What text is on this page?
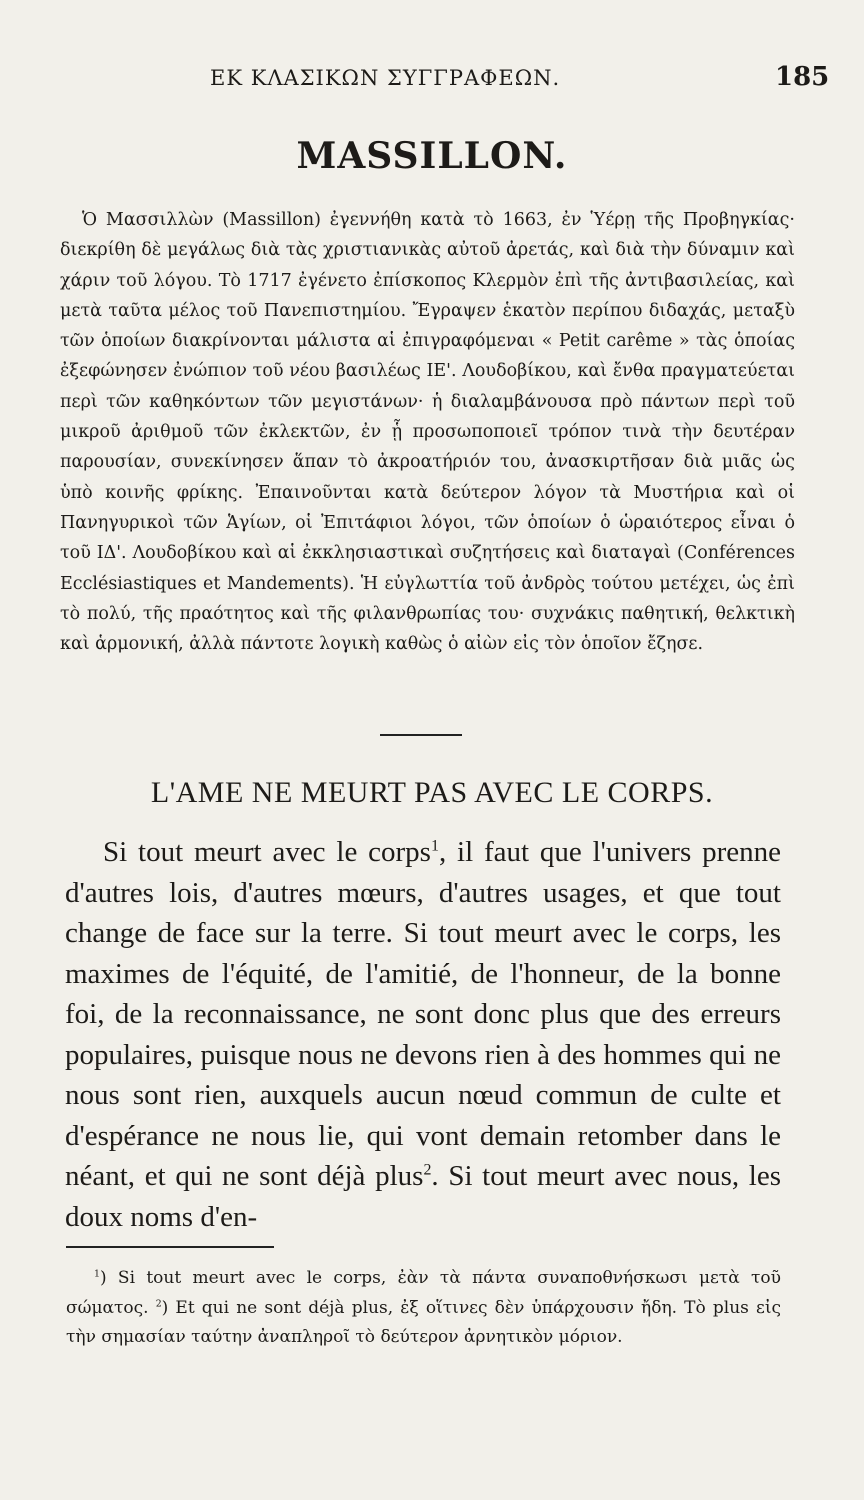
ΕΚ ΚΛΑΣΙΚΩΝ ΣΥΓΓΡΑΦΕΩΝ.	185
MASSILLON.

Ὁ Μασσιλλὼν (Massillon) ἐγεννήθη κατὰ τὸ 1663, ἐν Ὑέρῃ τῆς Προβηγκίας· διεκρίθη δὲ μεγάλως διὰ τὰς χριστιανικὰς αὐτοῦ ἀρετάς, καὶ διὰ τὴν δύναμιν καὶ χάριν τοῦ λόγου. Τὸ 1717 ἐγένετο ἐπίσκοπος Κλερμὸν ἐπὶ τῆς ἀντιβασιλείας, καὶ μετὰ ταῦτα μέλος τοῦ Πανεπιστημίου. Ἔγραψεν ἑκατὸν περίπου διδαχάς, μεταξὺ τῶν ὁποίων διακρίνονται μάλιστα αἱ ἐπιγραφόμεναι « Petit carême » τὰς ὁποίας ἐξεφώνησεν ἐνώπιον τοῦ νέου βασιλέως ΙΕ'. Λουδοβίκου, καὶ ἔνθα πραγματεύεται περὶ τῶν καθηκόντων τῶν μεγιστάνων· ἡ διαλαμβάνουσα πρὸ πάντων περὶ τοῦ μικροῦ ἀριθμοῦ τῶν ἐκλεκτῶν, ἐν ᾗ προσωποποιεῖ τρόπον τινὰ τὴν δευτέραν παρουσίαν, συνεκίνησεν ἅπαν τὸ ἀκροατήριόν του, ἀνασκιρτῆσαν διὰ μιᾶς ὡς ὑπὸ κοινῆς φρίκης. Ἐπαινοῦνται κατὰ δεύτερον λόγον τὰ Μυστήρια καὶ οἱ Πανηγυρικοὶ τῶν Ἁγίων, οἱ Ἐπιτάφιοι λόγοι, τῶν ὁποίων ὁ ὡραιότερος εἶναι ὁ τοῦ ΙΔ'. Λουδοβίκου καὶ αἱ ἐκκλησιαστικαὶ συζητήσεις καὶ διαταγαὶ (Conférences Ecclésiastiques et Mandements). Ἡ εὐγλωττία τοῦ ἀνδρὸς τούτου μετέχει, ὡς ἐπὶ τὸ πολύ, τῆς πραότητος καὶ τῆς φιλανθρωπίας του· συχνάκις παθητική, θελκτικὴ καὶ ἁρμονική, ἀλλὰ πάντοτε λογικὴ καθὼς ὁ αἰὼν εἰς τὸν ὁποῖον ἔζησε.

L'AME NE MEURT PAS AVEC LE CORPS.

Si tout meurt avec le corps$^1$, il faut que l'univers prenne d'autres lois, d'autres mœurs, d'autres usages, et que tout change de face sur la terre. Si tout meurt avec le corps, les maximes de l'équité, de l'amitié, de l'honneur, de la bonne foi, de la reconnaissance, ne sont donc plus que des erreurs populaires, puisque nous ne devons rien à des hommes qui ne nous sont rien, auxquels aucun nœud commun de culte et d'espérance ne nous lie, qui vont demain retomber dans le néant, et qui ne sont déjà plus$^2$. Si tout meurt avec nous, les doux noms d'en-

$^1$) Si tout meurt avec le corps, ἐὰν τὰ πάντα συναποθνήσκωσι μετὰ τοῦ σώματος. $^2$) Et qui ne sont déjà plus, ἐξ οἵτινες δὲν ὑπάρχουσιν ἤδη. Τὸ plus εἰς τὴν σημασίαν ταύτην ἀναπληροῖ τὸ δεύτερον ἀρνητικὸν μόριον.
